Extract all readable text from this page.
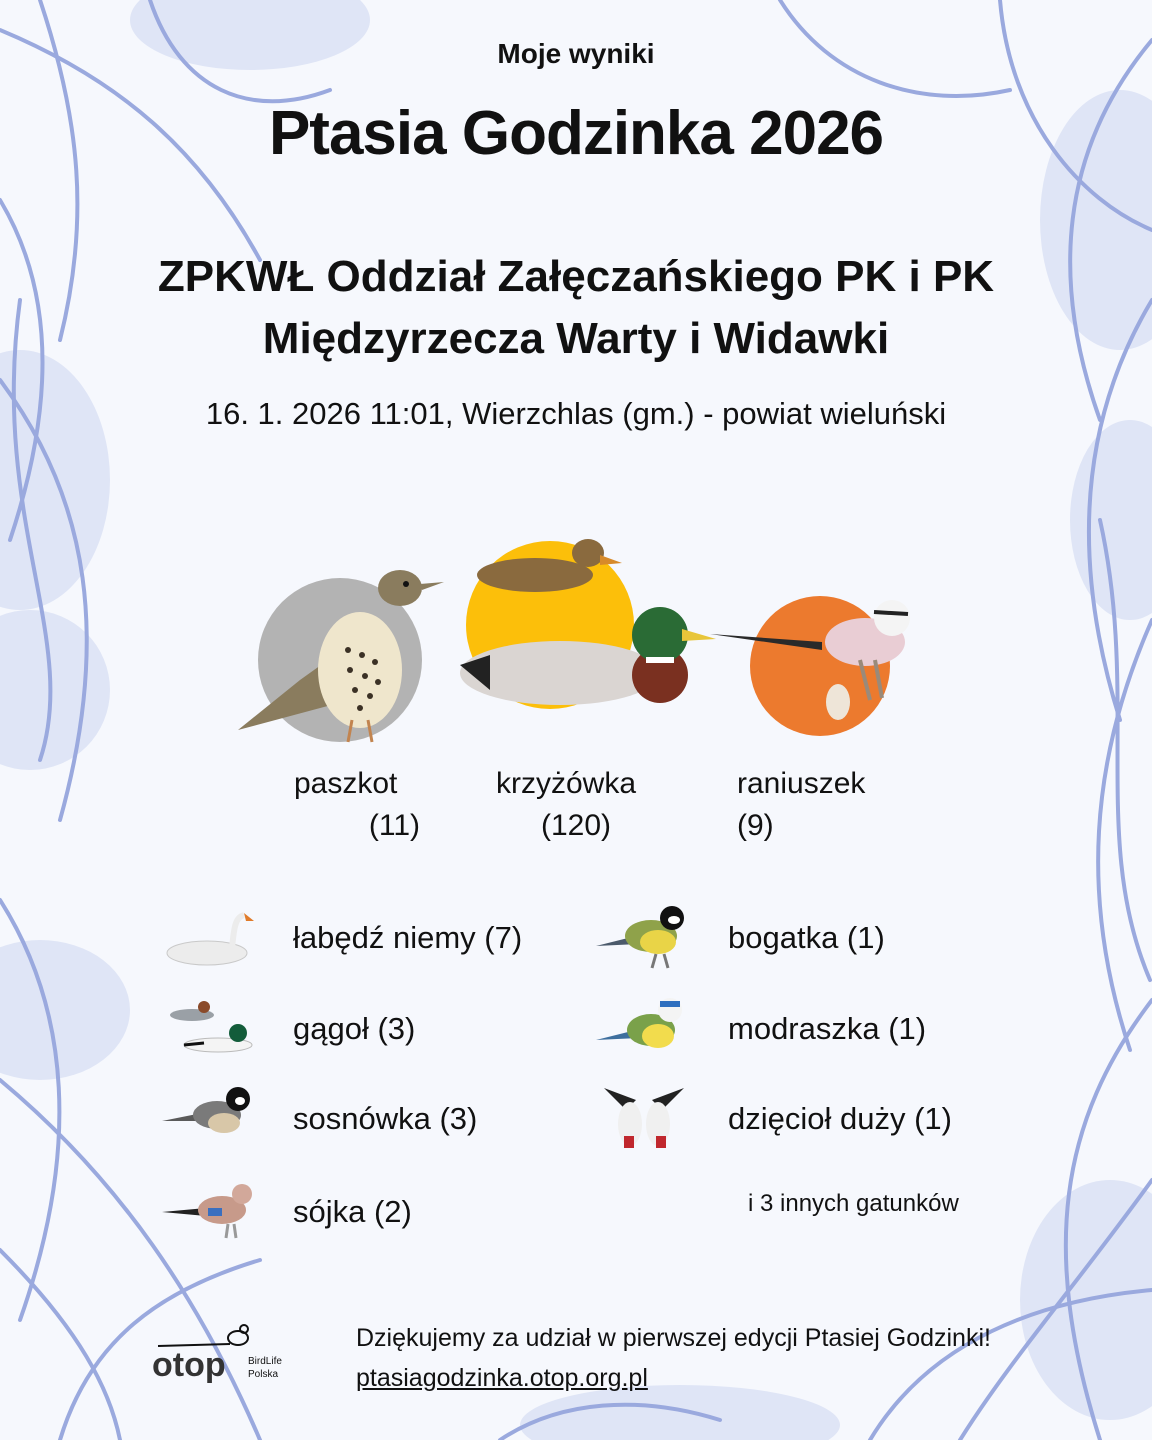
Moje wyniki
Ptasia Godzinka 2026
ZPKWŁ Oddział Załęczańskiego PK i PK
Międzyrzecza Warty i Widawki
16. 1. 2026 11:01, Wierzchlas (gm.) - powiat wieluński
paszkot
(11)
krzyżówka
(120)
raniuszek
(9)
łabędź niemy (7)	bogatka (1)
gągoł (3)	modraszka (1)
sosnówka (3)	dzięcioł duży (1)
sójka (2)	i 3 innych gatunków
otop BirdLife
Polska
Dziękujemy za udział w pierwszej edycji Ptasiej Godzinki!
ptasiagodzinka.otop.org.pl
